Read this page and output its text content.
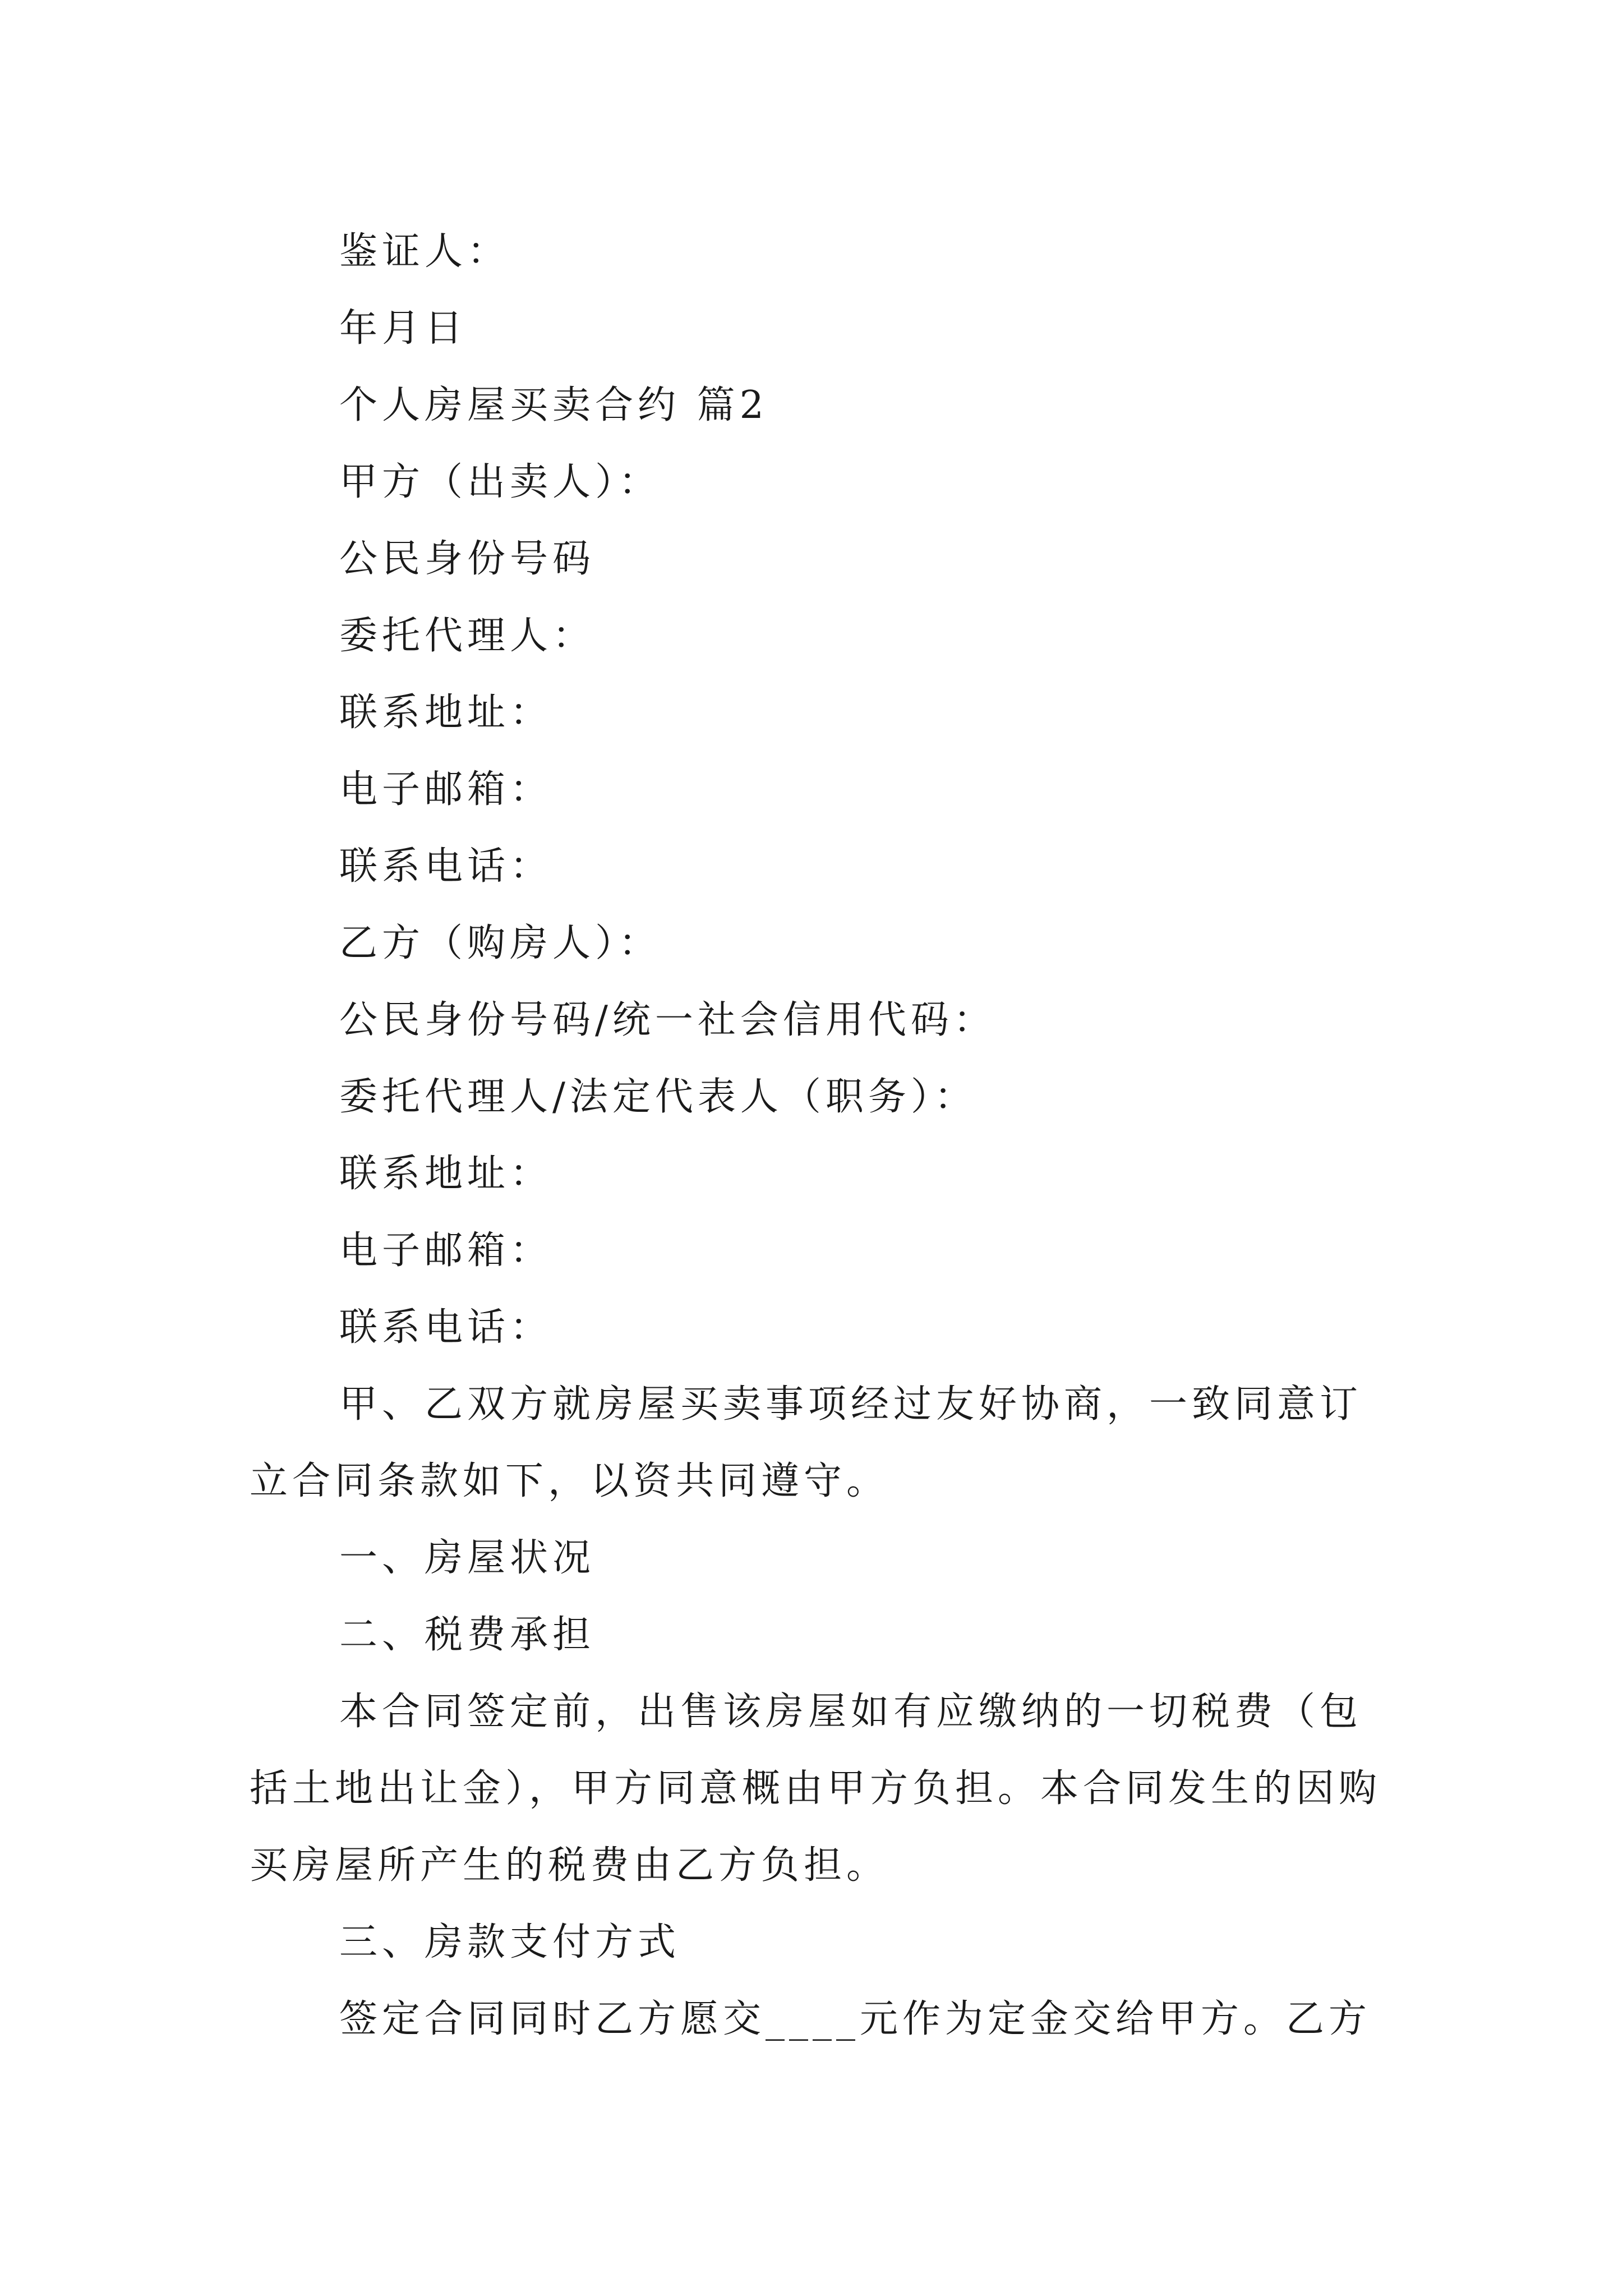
鉴证人：
年月日
个人房屋买卖合约 篇2
甲方（出卖人）：
公民身份号码
委托代理人：
联系地址：
电子邮箱：
联系电话：
乙方（购房人）：
公民身份号码/统一社会信用代码：
委托代理人/法定代表人（职务）：
联系地址：
电子邮箱：
联系电话：
甲、乙双方就房屋买卖事项经过友好协商，一致同意订立合同条款如下，以资共同遵守。
一、房屋状况
二、税费承担
本合同签定前，出售该房屋如有应缴纳的一切税费（包括土地出让金），甲方同意概由甲方负担。本合同发生的因购买房屋所产生的税费由乙方负担。
三、房款支付方式
签定合同同时乙方愿交____元作为定金交给甲方。乙方
